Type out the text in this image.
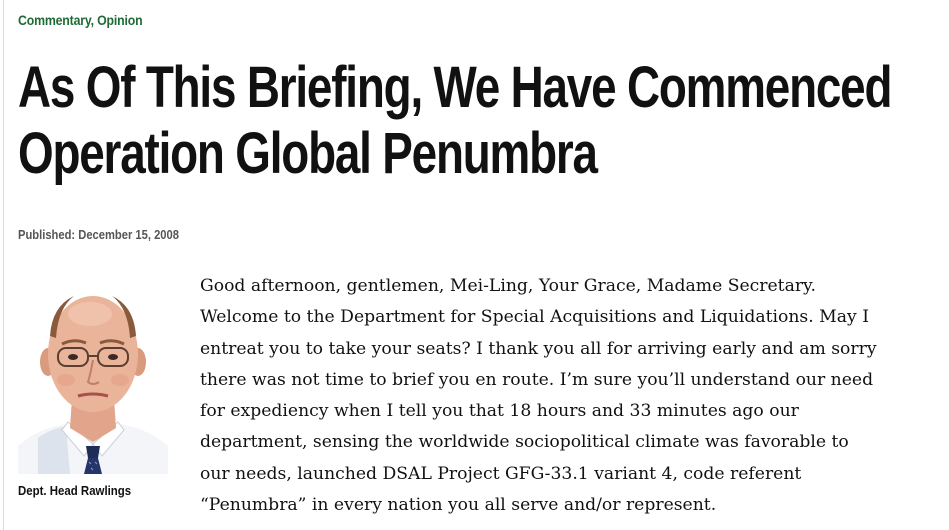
Commentary, Opinion
As Of This Briefing, We Have Commenced
Operation Global Penumbra
Published: December 15, 2008
Dept. Head Rawlings
Good afternoon, gentlemen, Mei-Ling, Your Grace, Madame Secretary.
Welcome to the Department for Special Acquisitions and Liquidations. May I
entreat you to take your seats? I thank you all for arriving early and am sorry
there was not time to brief you en route. I’m sure you’ll understand our need
for expediency when I tell you that 18 hours and 33 minutes ago our
department, sensing the worldwide sociopolitical climate was favorable to
our needs, launched DSAL Project GFG-33.1 variant 4, code referent
“Penumbra” in every nation you all serve and/or represent.
